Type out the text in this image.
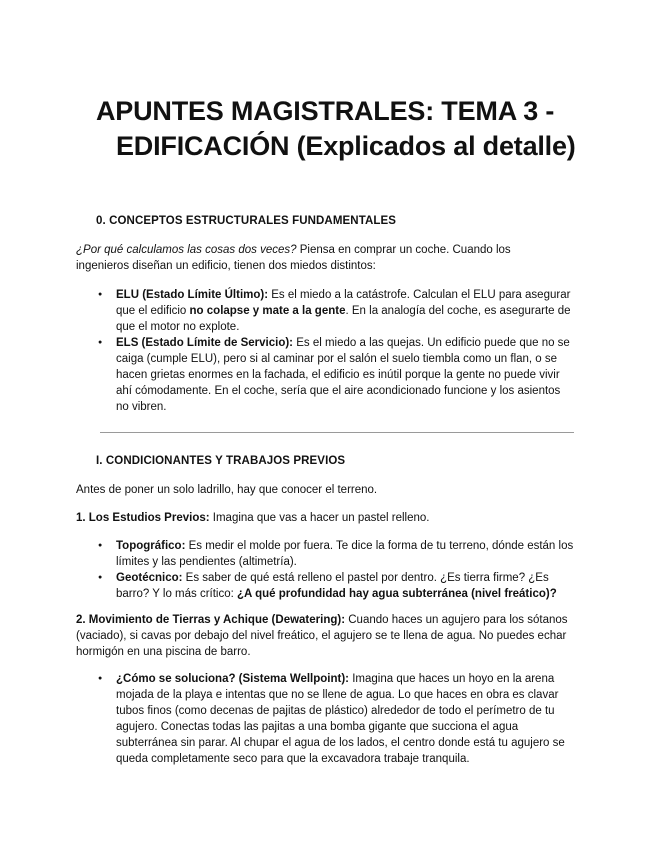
APUNTES MAGISTRALES: TEMA 3 -
EDIFICACIÓN (Explicados al detalle)

0. CONCEPTOS ESTRUCTURALES FUNDAMENTALES

¿Por qué calculamos las cosas dos veces? Piensa en comprar un coche. Cuando los ingenieros diseñan un edificio, tienen dos miedos distintos:

● ELU (Estado Límite Último): Es el miedo a la catástrofe. Calculan el ELU para asegurar que el edificio no colapse y mate a la gente. En la analogía del coche, es asegurarte de que el motor no explote.
● ELS (Estado Límite de Servicio): Es el miedo a las quejas. Un edificio puede que no se caiga (cumple ELU), pero si al caminar por el salón el suelo tiembla como un flan, o se hacen grietas enormes en la fachada, el edificio es inútil porque la gente no puede vivir ahí cómodamente. En el coche, sería que el aire acondicionado funcione y los asientos no vibren.

I. CONDICIONANTES Y TRABAJOS PREVIOS

Antes de poner un solo ladrillo, hay que conocer el terreno.

1. Los Estudios Previos: Imagina que vas a hacer un pastel relleno.

● Topográfico: Es medir el molde por fuera. Te dice la forma de tu terreno, dónde están los límites y las pendientes (altimetría).
● Geotécnico: Es saber de qué está relleno el pastel por dentro. ¿Es tierra firme? ¿Es barro? Y lo más crítico: ¿A qué profundidad hay agua subterránea (nivel freático)?

2. Movimiento de Tierras y Achique (Dewatering): Cuando haces un agujero para los sótanos (vaciado), si cavas por debajo del nivel freático, el agujero se te llena de agua. No puedes echar hormigón en una piscina de barro.

● ¿Cómo se soluciona? (Sistema Wellpoint): Imagina que haces un hoyo en la arena mojada de la playa e intentas que no se llene de agua. Lo que haces en obra es clavar tubos finos (como decenas de pajitas de plástico) alrededor de todo el perímetro de tu agujero. Conectas todas las pajitas a una bomba gigante que succiona el agua subterránea sin parar. Al chupar el agua de los lados, el centro donde está tu agujero se queda completamente seco para que la excavadora trabaje tranquila.
